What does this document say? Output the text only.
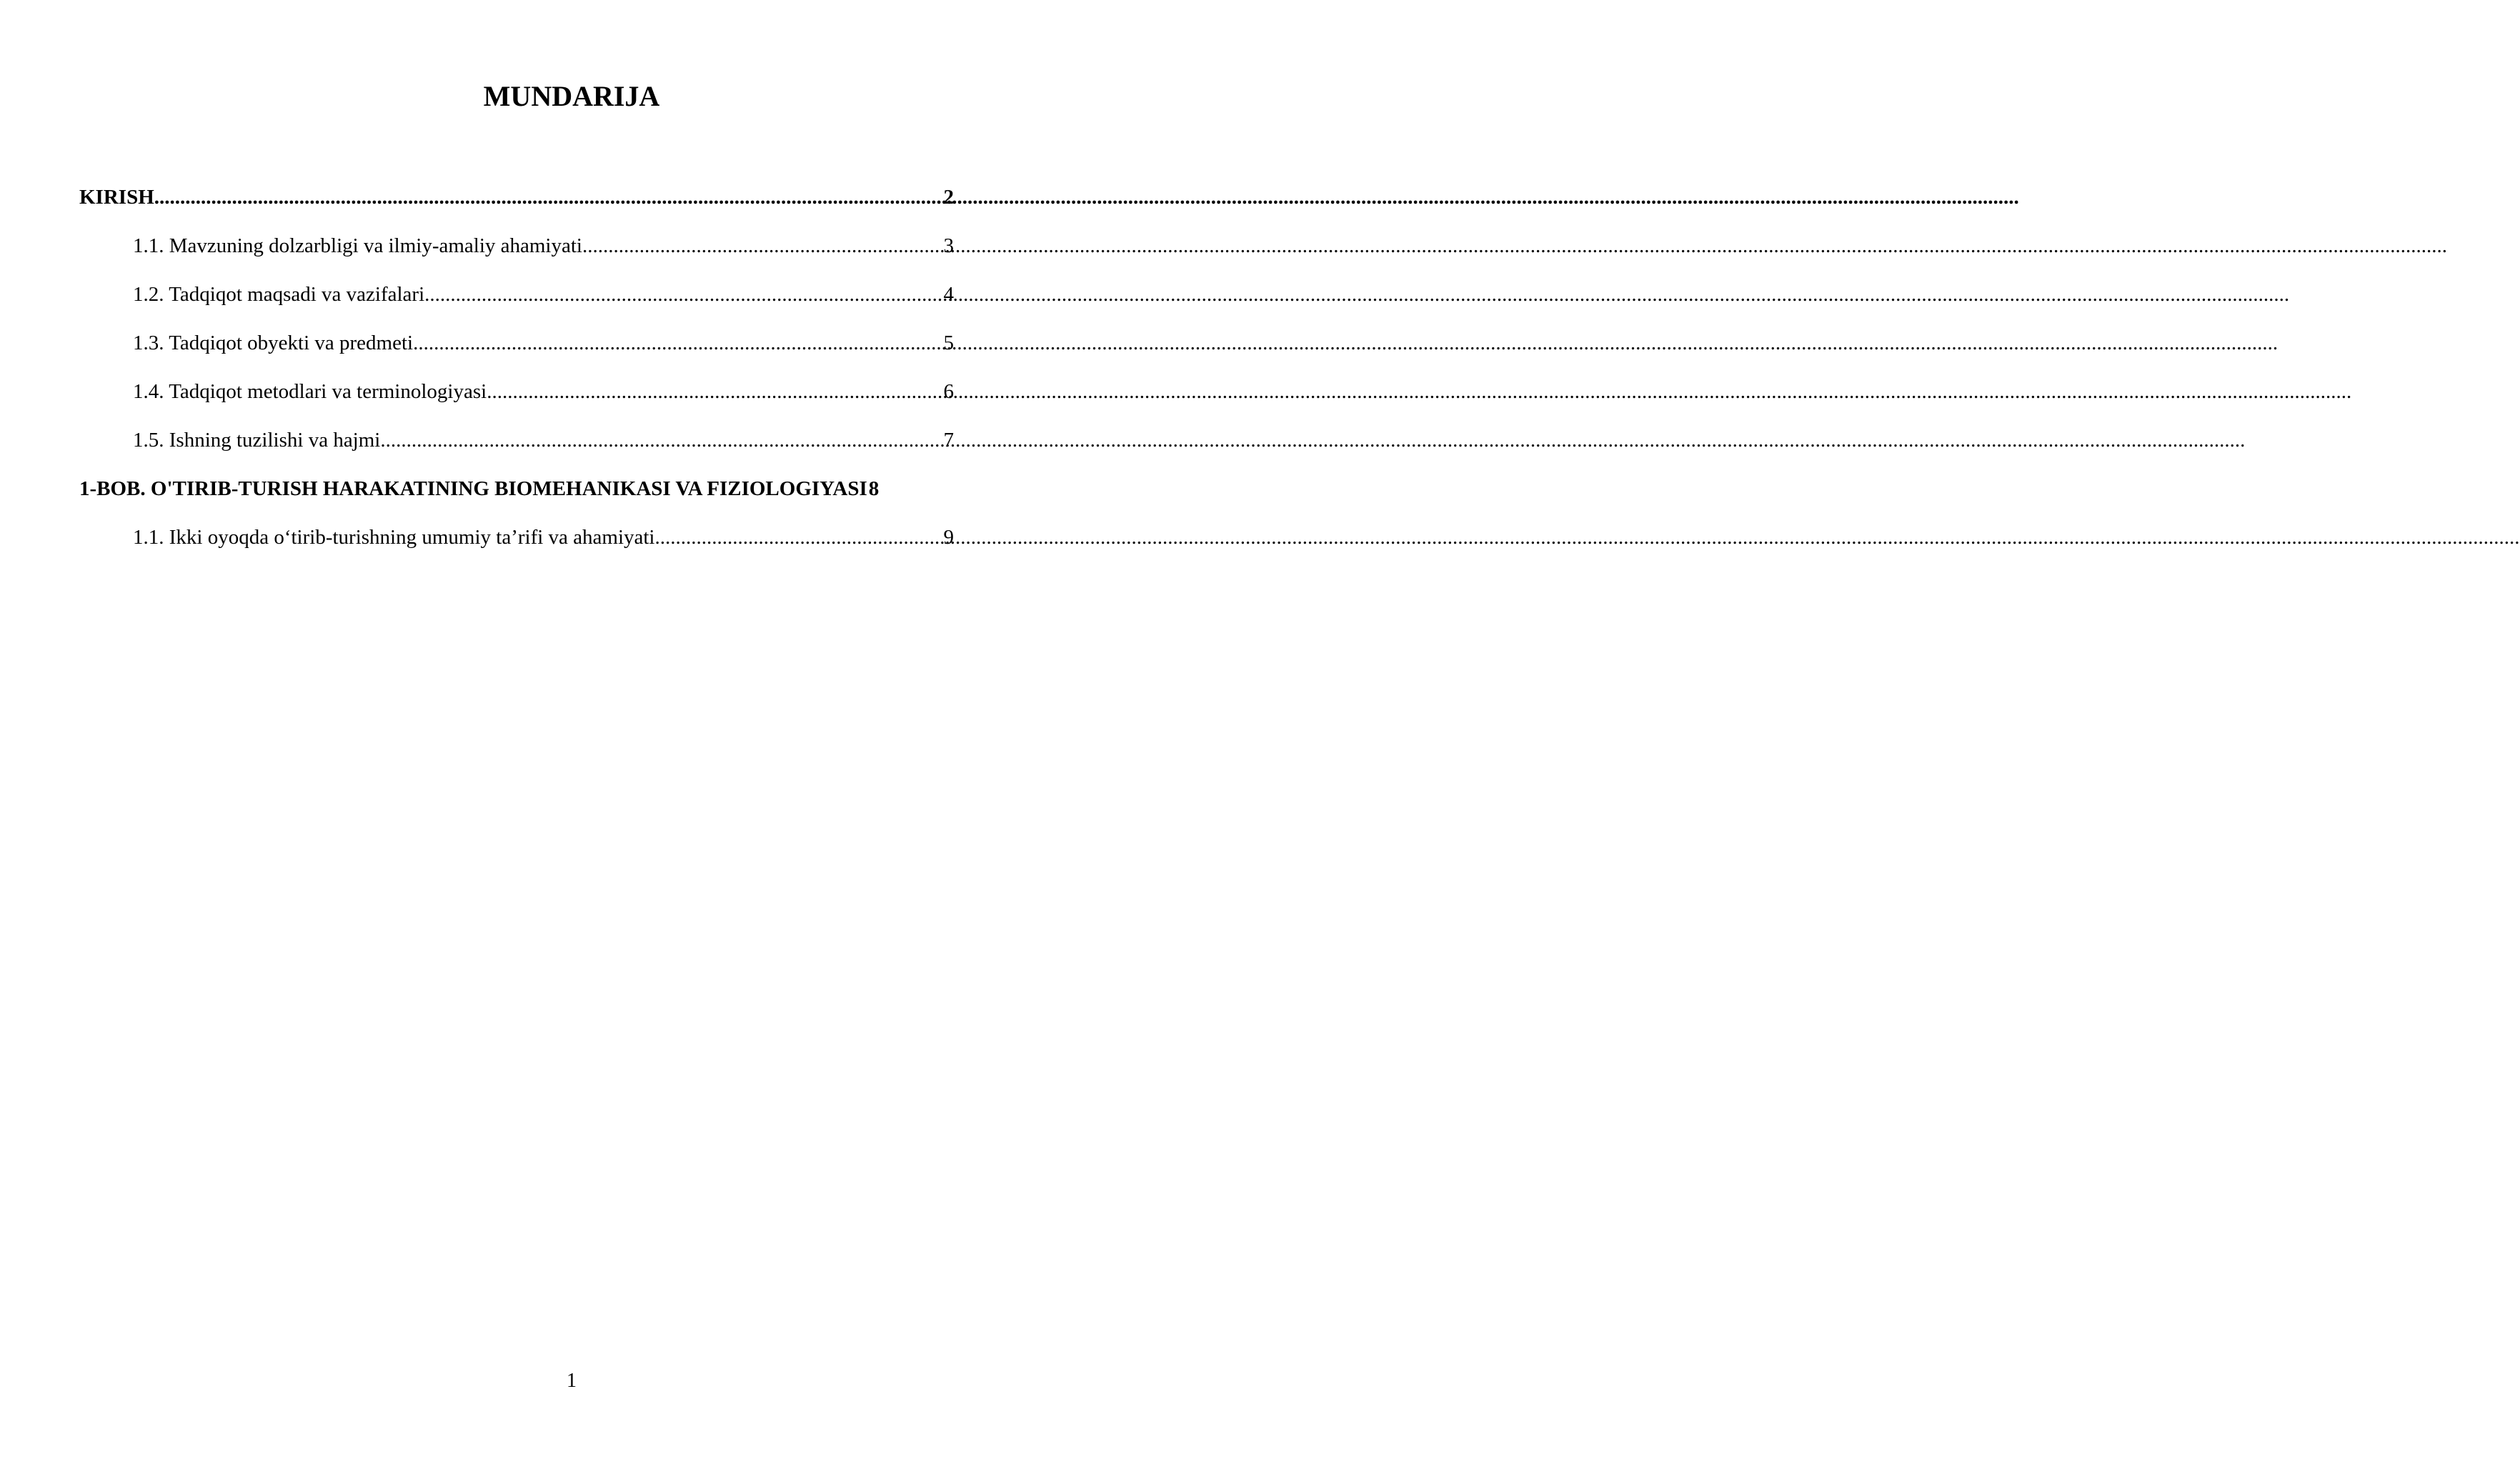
MUNDARIJA
KIRISH .....	2
1.1. Mavzuning dolzarbligi va ilmiy-amaliy ahamiyati .....	3
1.2. Tadqiqot maqsadi va vazifalari .....	4
1.3. Tadqiqot obyekti va predmeti .....	5
1.4. Tadqiqot metodlari va terminologiyasi .....	6
1.5. Ishning tuzilishi va hajmi .....	7
1-BOB. O'TIRIB-TURISH HARAKATINING BIOMEHANIKASI VA FIZIOLOGIYASI 8
1.1. Ikki oyoqda o‘tirib-turishning umumiy ta’rifi va ahamiyati .....	9
1
